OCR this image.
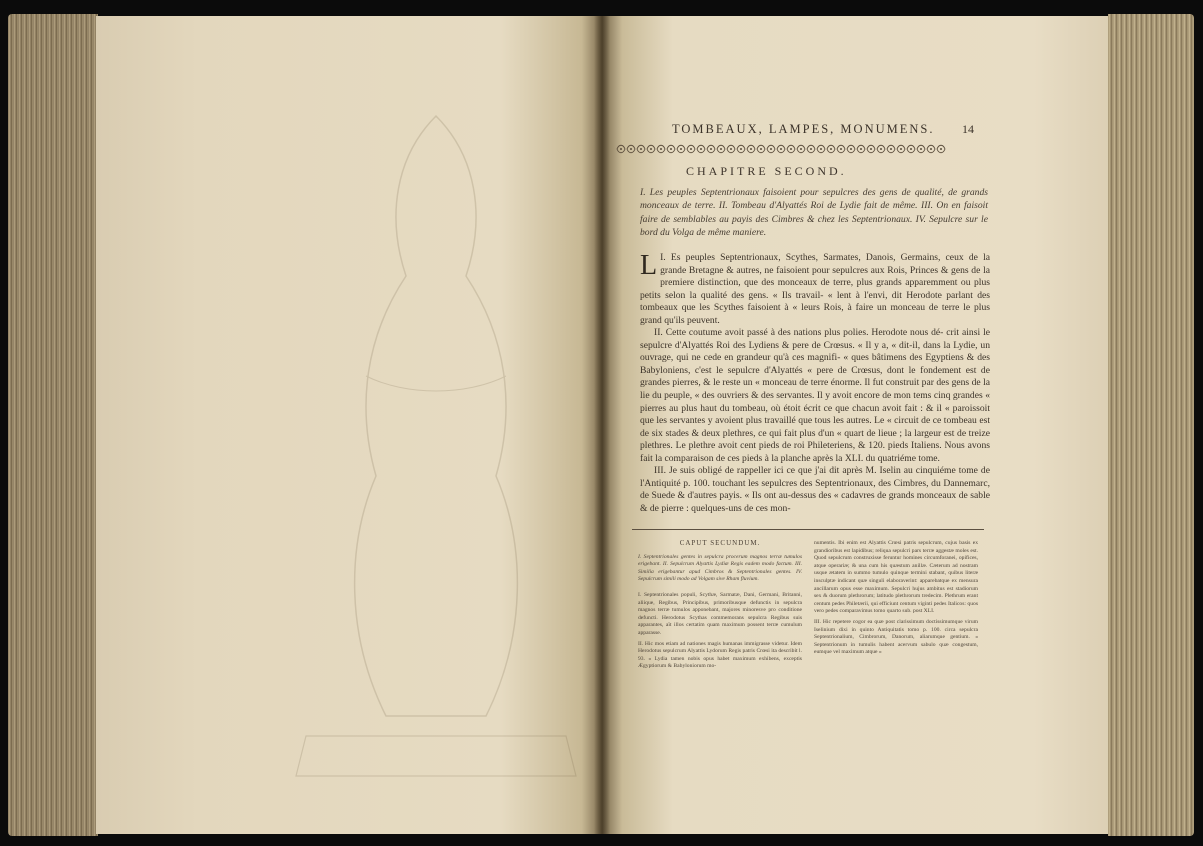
TOMBEAUX, LAMPES, MONUMENS.	14
CHAPITRE SECOND.
I. Les peuples Septentrionaux faisoient pour sepulcres des gens de qualité, de grands monceaux de terre. II. Tombeau d'Alyattés Roi de Lydie fait de même. III. On en faisoit faire de semblables au payis des Cimbres & chez les Septentrionaux. IV. Sepulcre sur le bord du Volga de même maniere.

L I. Es peuples Septentrionaux, Scythes, Sarmates, Danois, Germains, ceux de la grande Bretagne & autres, ne faisoient pour sepulcres aux Rois, Princes & gens de la premiere distinction, que des monceaux de terre, plus grands apparemment ou plus petits selon la qualité des gens. « Ils travail- « lent à l'envi, dit Herodote parlant des tombeaux que les Scythes faisoient à « leurs Rois, à faire un monceau de terre le plus grand qu'ils peuvent.

II. Cette coutume avoit passé à des nations plus polies. Herodote nous dé- crit ainsi le sepulcre d'Alyattés Roi des Lydiens & pere de Crœsus. « Il y a, « dit-il, dans la Lydie, un ouvrage, qui ne cede en grandeur qu'à ces magnifi- « ques bâtimens des Egyptiens & des Babyloniens, c'est le sepulcre d'Alyattés « pere de Crœsus, dont le fondement est de grandes pierres, & le reste un « monceau de terre énorme. Il fut construit par des gens de la lie du peuple, « des ouvriers & des servantes. Il y avoit encore de mon tems cinq grandes « pierres au plus haut du tombeau, où étoit écrit ce que chacun avoit fait : & il « paroissoit que les servantes y avoient plus travaillé que tous les autres. Le « circuit de ce tombeau est de six stades & deux plethres, ce qui fait plus d'un « quart de lieue ; la largeur est de treize plethres. Le plethre avoit cent pieds de roi Phileteriens, & 120. pieds Italiens. Nous avons fait la comparaison de ces pieds à la planche après la XLI. du quatriéme tome.

III. Je suis obligé de rappeller ici ce que j'ai dit après M. Iselin au cinquiéme tome de l'Antiquité p. 100. touchant les sepulcres des Septentrionaux, des Cimbres, du Dannemarc, de Suede & d'autres payis. « Ils ont au-dessus des « cadavres de grands monceaux de sable & de pierre : quelques-uns de ces mon-

CAPUT SECUNDUM.
I. Septentrionales gentes in sepulcra procerum magnos terræ tumulos erigebant. II. Sepulcrum Alyattis Lydiæ Regis eadem modo factum. III. Similia erigebantur apud Cimbros & Septentrionales gentes. IV. Sepulcrum simili modo ad Volgam sive Rham fluvium.

I. Septentrionales populi, Scythæ, Sarmatæ, Dani, Germani, Britanni, aliique, Regibus, Principibus, primoribusque defunctis in sepulcra magnos terræ tumulos apponebant, majores minoresve pro conditione defuncti. Herodotus Scythas commemorans sepulcra Regibus suis apparantes, aït illos certatim quam maximum possent terræ cumulum apparasse.

II. Hic mos etiam ad nationes magis humanas immigrasse videtur. Idem Herodotus sepulcrum Alyattis Lydorum Regis patris Crœsi ita describit l. 93. « Lydia tamen nobis opus habet maximum exhibens, exceptis Ægyptiorum & Babyloniorum mo-

numentis. Ibi enim est Alyattis Crœsi patris sepulcrum, cujus basis ex grandioribus est lapidibus; reliqua sepulcri pars terræ aggestæ moles est. Quod sepulcrum construxisse feruntur homines circumforanei, opifices, atque operariæ; & una cum his quæstum anillæ. Cæterum ad nostram usque ætatem in summo tumulo quinque termini stabant, quibus literæ insculptæ indicant quæ singuli elaboraverint: apparebatque ex mensura ancillarum opus esse maximum. Sepulcri hujus ambitus est stadiorum sex & duorum plethrorum; latitudo plethrorum tredecim. Plethrum erant centum pedes Philetærii, qui efficiunt centum viginti pedes Italicos: quos vero pedes comparavimus tomo quarto sub. post XLI.

III. Hic repetere cogor ea quæ post clarissimum doctissimumque virum Iselinium dixi in quinto Antiquitatis tomo p. 100. circa sepulcra Septentrionalium, Cimbrorum, Danorum, aliarumque gentium. « Septentrionum in tumulis habent acervum sabulo quæ congestum, eumque vel maximum atque «
